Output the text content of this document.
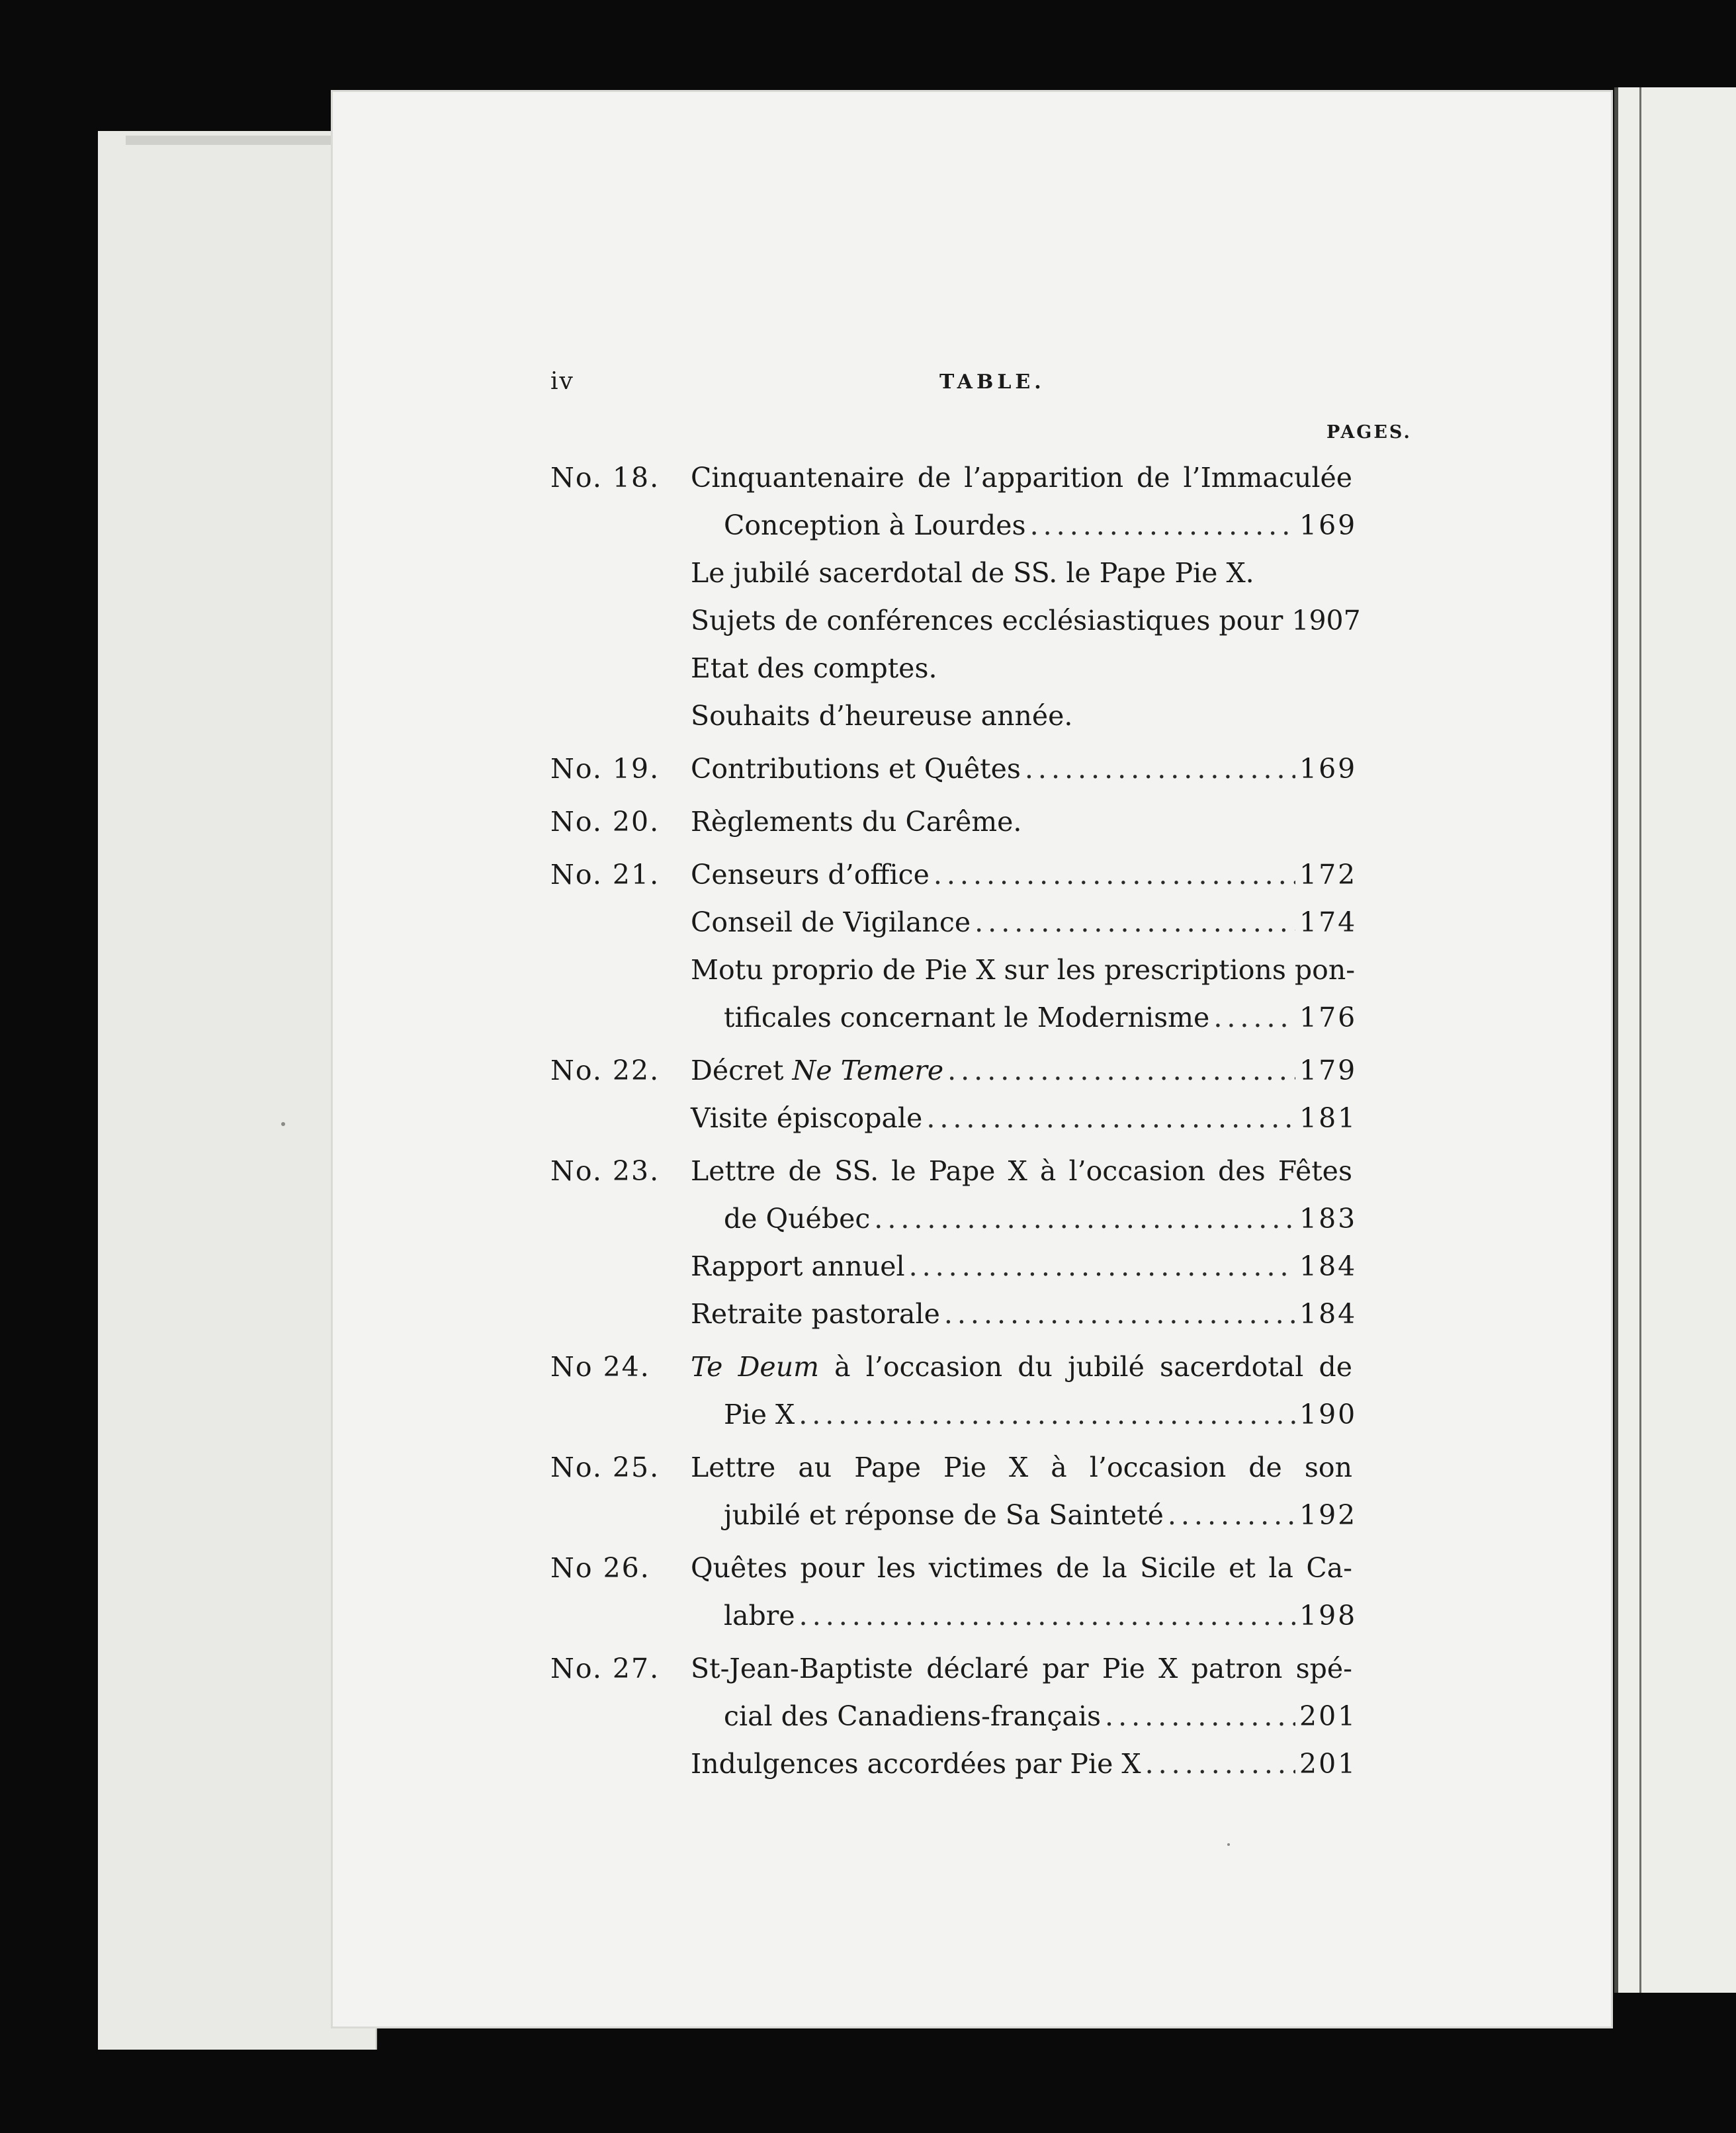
iv	TABLE.
PAGES.
No. 18. Cinquantenaire de l’apparition de l’Immaculée
Conception à Lourdes .....	169
Le jubilé sacerdotal de SS. le Pape Pie X.
Sujets de conférences ecclésiastiques pour 1907
Etat des comptes.
Souhaits d’heureuse année.
No. 19. Contributions et Quêtes .....	169
No. 20. Règlements du Carême.
No. 21. Censeurs d’office .....	172
Conseil de Vigilance .....	174
Motu proprio de Pie X sur les prescriptions pon-
tificales concernant le Modernisme .....	176
No. 22. Décret Ne Temere .....	179
Visite épiscopale .....	181
No. 23. Lettre de SS. le Pape X à l’occasion des Fêtes
de Québec .....	183
Rapport annuel .....	184
Retraite pastorale .....	184
No 24. Te Deum à l’occasion du jubilé sacerdotal de
Pie X .....	190
No. 25. Lettre au Pape Pie X à l’occasion de son
jubilé et réponse de Sa Sainteté .....	192
No 26. Quêtes pour les victimes de la Sicile et la Ca-
labre .....	198
No. 27. St-Jean-Baptiste déclaré par Pie X patron spé-
cial des Canadiens-français .....	201
Indulgences accordées par Pie X .....	201
